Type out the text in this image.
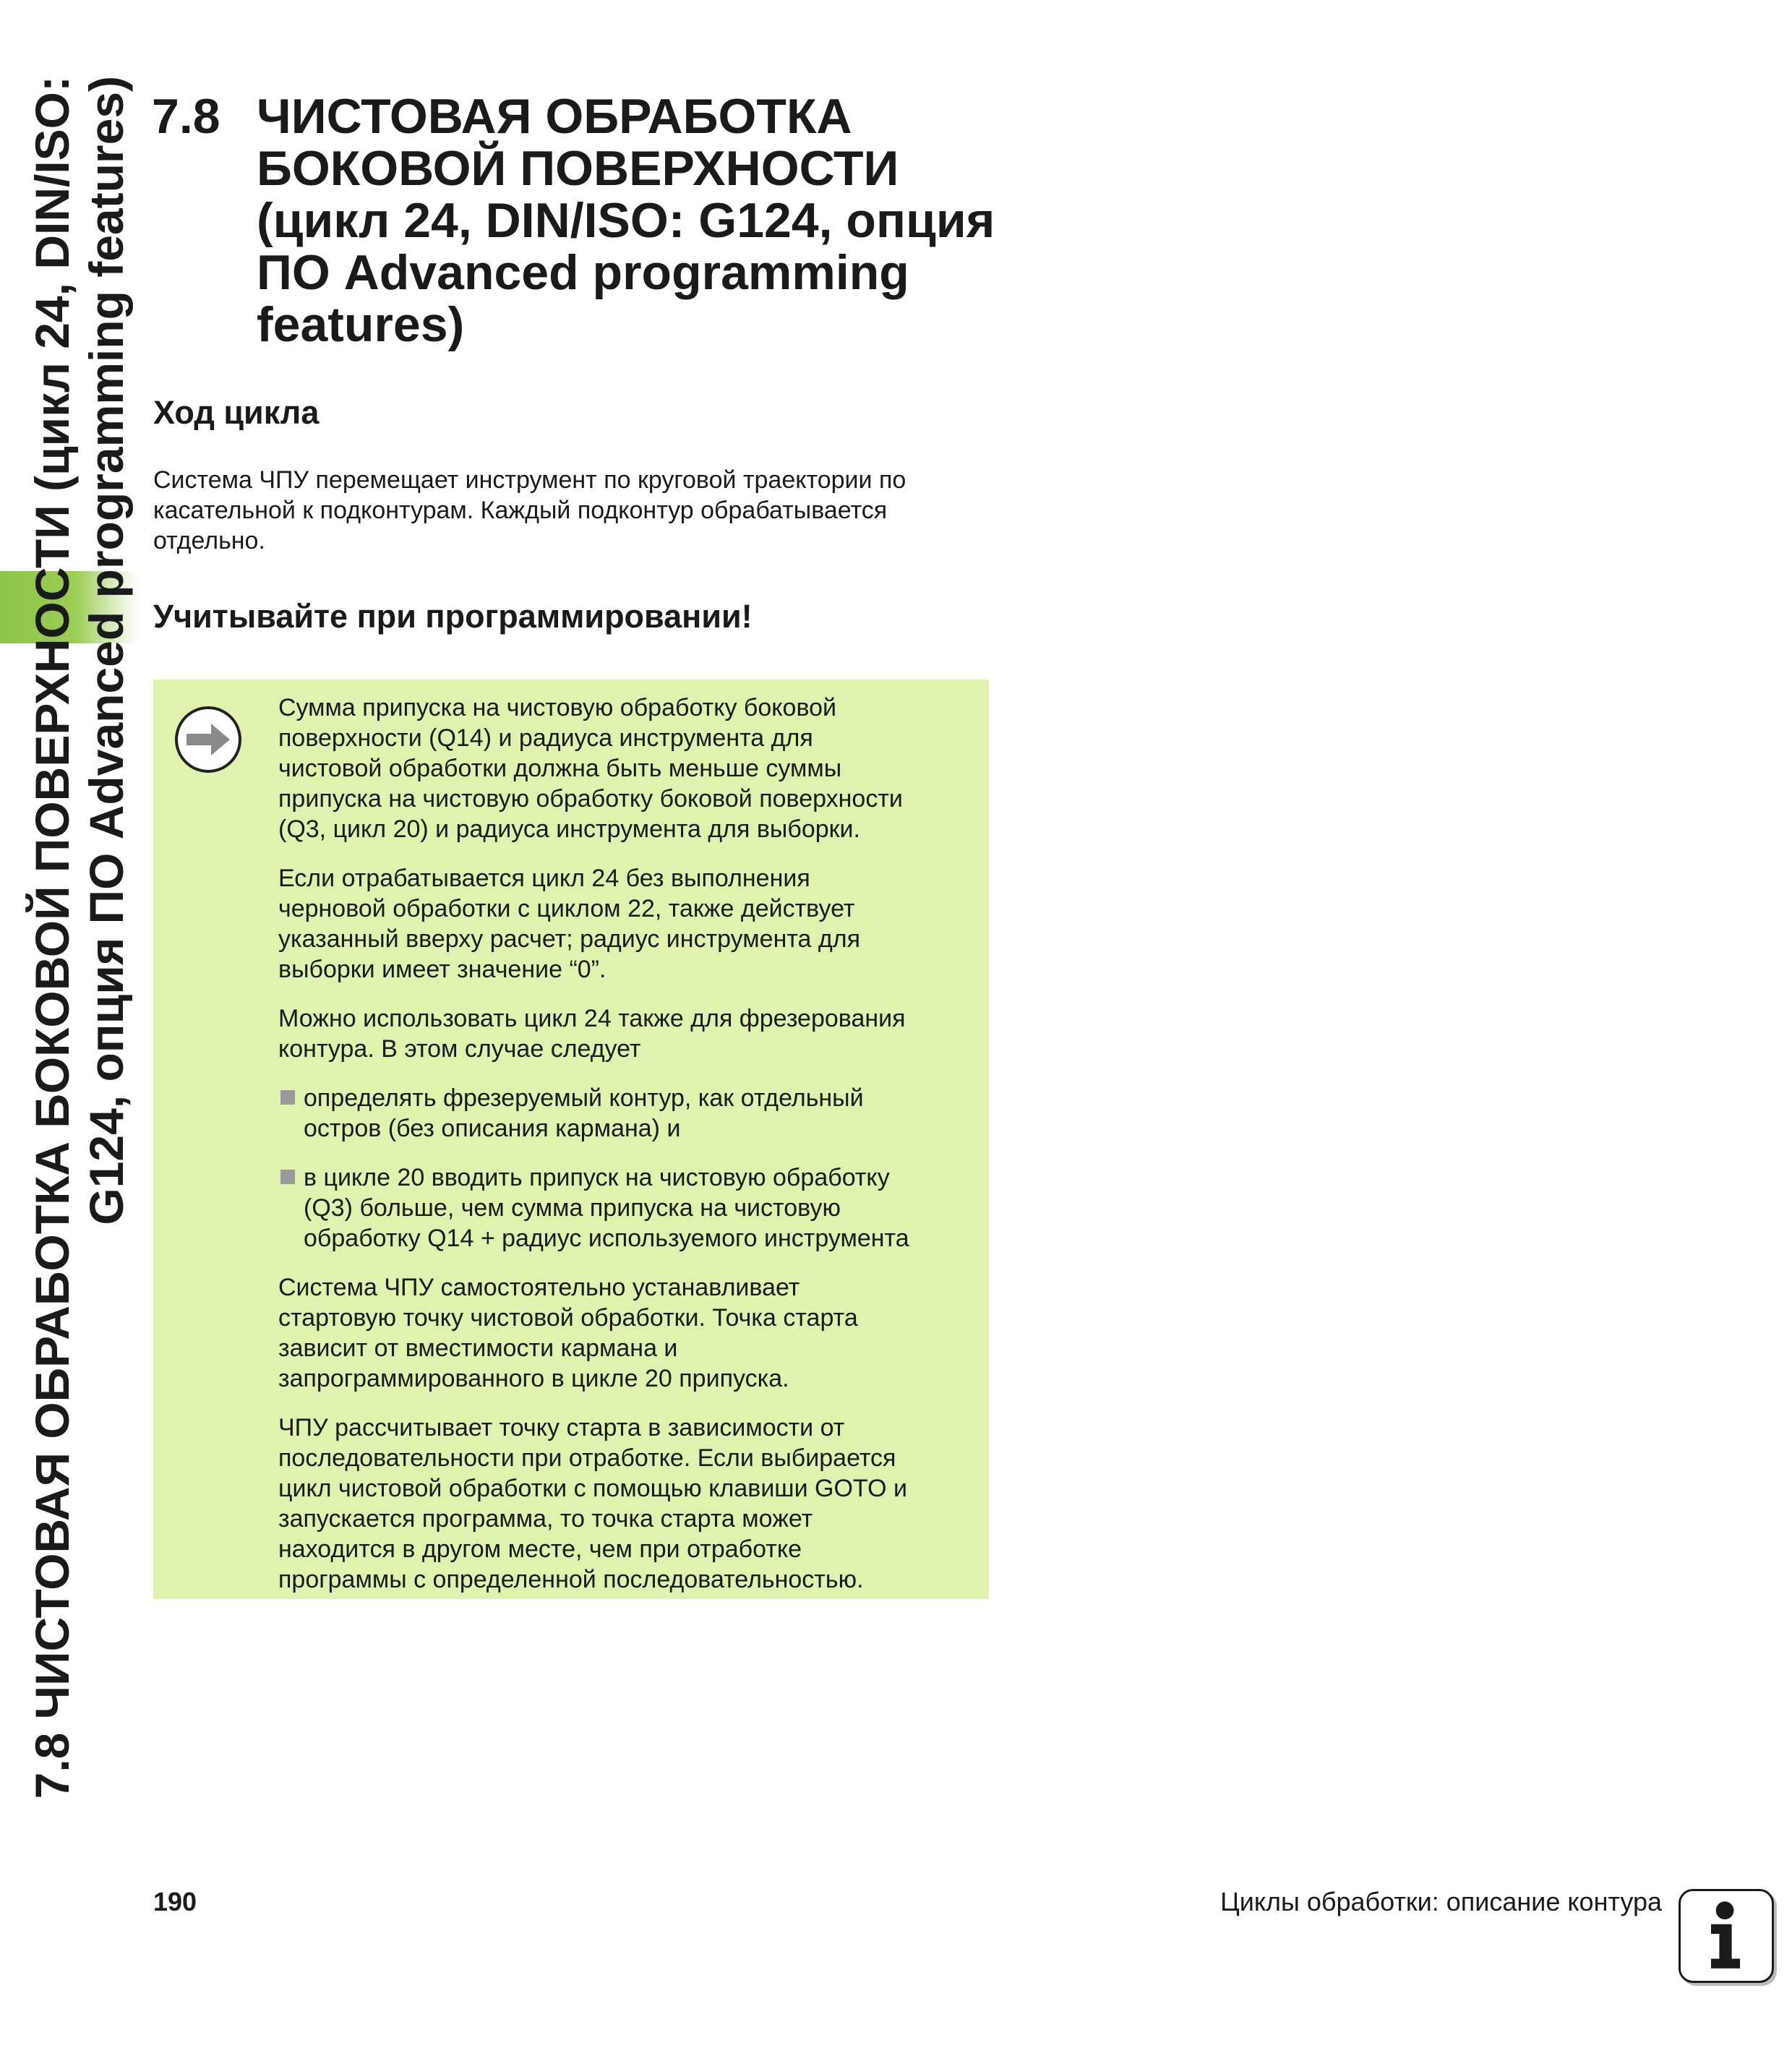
7.8 ЧИСТОВАЯ ОБРАБОТКА БОКОВОЙ ПОВЕРХНОСТИ (цикл 24, DIN/ISO: G124, опция ПО Advanced programming features) 7.8 ЧИСТОВАЯ ОБРАБОТКА
БОКОВОЙ ПОВЕРХНОСТИ
(цикл 24, DIN/ISO: G124, опция
ПО Advanced programming
features)
Ход цикла
Система ЧПУ перемещает инструмент по круговой траектории по
касательной к подконтурам. Каждый подконтур обрабатывается
отдельно.
Учитывайте при программировании!

Сумма припуска на чистовую обработку боковой
поверхности (Q14) и радиуса инструмента для
чистовой обработки должна быть меньше суммы
припуска на чистовую обработку боковой поверхности
(Q3, цикл 20) и радиуса инструмента для выборки.

Если отрабатывается цикл 24 без выполнения
черновой обработки с циклом 22, также действует
указанный вверху расчет; радиус инструмента для
выборки имеет значение “0”.

Можно использовать цикл 24 также для фрезерования
контура. В этом случае следует

определять фрезеруемый контур, как отдельный
остров (без описания кармана) и
в цикле 20 вводить припуск на чистовую обработку
(Q3) больше, чем сумма припуска на чистовую
обработку Q14 + радиус используемого инструмента

Система ЧПУ самостоятельно устанавливает
стартовую точку чистовой обработки. Точка старта
зависит от вместимости кармана и
запрограммированного в цикле 20 припуска.

ЧПУ рассчитывает точку старта в зависимости от
последовательности при отработке. Если выбирается
цикл чистовой обработки с помощью клавиши GOTO и
запускается программа, то точка старта может
находится в другом месте, чем при отработке
программы с определенной последовательностью.

190	Циклы обработки: описание контура
